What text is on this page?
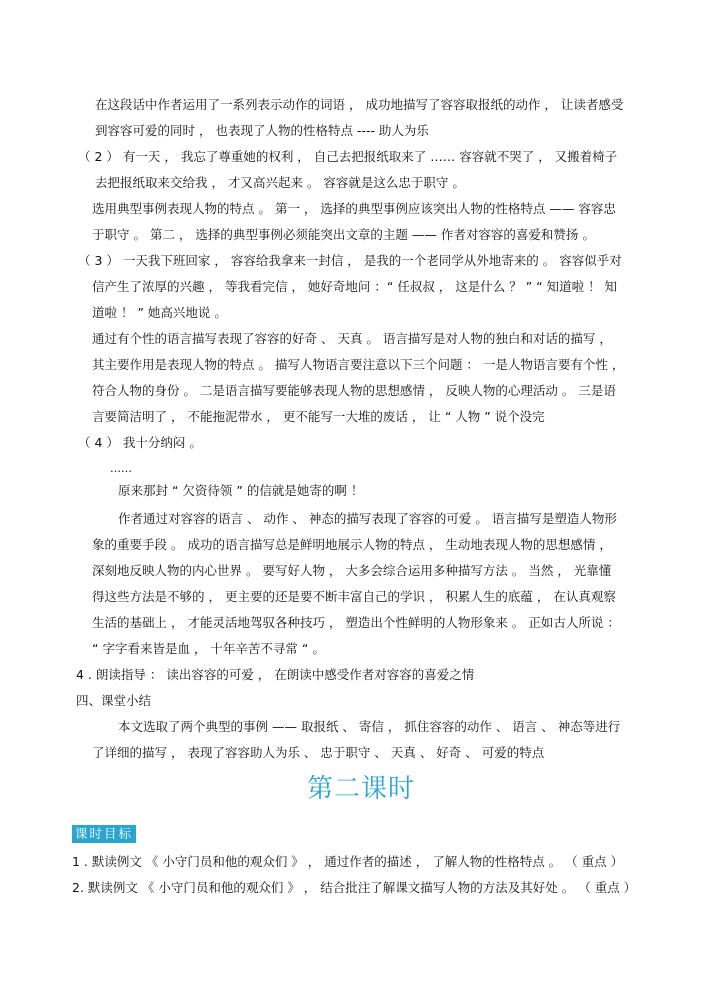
在这段话中作者运用了一系列表示动作的词语 ， 成功地描写了容容取报纸的动作 ， 让读者感受
到容容可爱的同时 ， 也表现了人物的性格特点 ---- 助人为乐
（ 2 ） 有一天 ， 我忘了尊重她的权利 ， 自己去把报纸取来了 …… 容容就不哭了 ， 又搬着椅子
去把报纸取来交给我 ， 才又高兴起来 。 容容就是这么忠于职守 。
选用典型事例表现人物的特点 。 第一 ， 选择的典型事例应该突出人物的性格特点 —— 容容忠
于职守 。 第二 ， 选择的典型事例必须能突出文章的主题 —— 作者对容容的喜爱和赞扬 。
（ 3 ） 一天我下班回家 ， 容容给我拿来一封信 ， 是我的一个老同学从外地寄来的 。 容容似乎对
信产生了浓厚的兴趣 ， 等我看完信 ， 她好奇地问 ：“ 任叔叔 ， 这是什么 ？ ” “ 知道啦 ！ 知
道啦 ！ ” 她高兴地说 。
通过有个性的语言描写表现了容容的好奇 、 天真 。 语言描写是对人物的独白和对话的描写 ，
其主要作用是表现人物的特点 。 描写人物语言要注意以下三个问题 ： 一是人物语言要有个性 ，
符合人物的身份 。 二是语言描写要能够表现人物的思想感情 ， 反映人物的心理活动 。 三是语
言要简洁明了 ， 不能拖泥带水 ， 更不能写一大堆的废话 ， 让 “ 人物 ” 说个没完
（ 4 ） 我十分纳闷 。
……
原来那封 “ 欠资待领 ” 的信就是她寄的啊 ！
作者通过对容容的语言 、 动作 、 神态的描写表现了容容的可爱 。 语言描写是塑造人物形
象的重要手段 。 成功的语言描写总是鲜明地展示人物的特点 ， 生动地表现人物的思想感情 ，
深刻地反映人物的内心世界 。 要写好人物 ， 大多会综合运用多种描写方法 。 当然 ， 光靠懂
得这些方法是不够的 ， 更主要的还是要不断丰富自己的学识 ， 积累人生的底蕴 ， 在认真观察
生活的基础上 ， 才能灵活地驾驭各种技巧 ， 塑造出个性鲜明的人物形象来 。 正如古人所说 ：
“ 字字看来皆是血 ， 十年辛苦不寻常 “ 。
4 . 朗读指导 ： 读出容容的可爱 ， 在朗读中感受作者对容容的喜爱之情
四、课堂小结
本文选取了两个典型的事例 —— 取报纸 、 寄信 ， 抓住容容的动作 、 语言 、 神态等进行
了详细的描写 ， 表现了容容助人为乐 、 忠于职守 、 天真 、 好奇 、 可爱的特点
第二课时
课时目标
1 . 默读例文 《 小守门员和他的观众们 》 ， 通过作者的描述 ， 了解人物的性格特点 。 （ 重点 ）
2. 默读例文 《 小守门员和他的观众们 》 ， 结合批注了解课文描写人物的方法及其好处 。 （ 重点 ）
